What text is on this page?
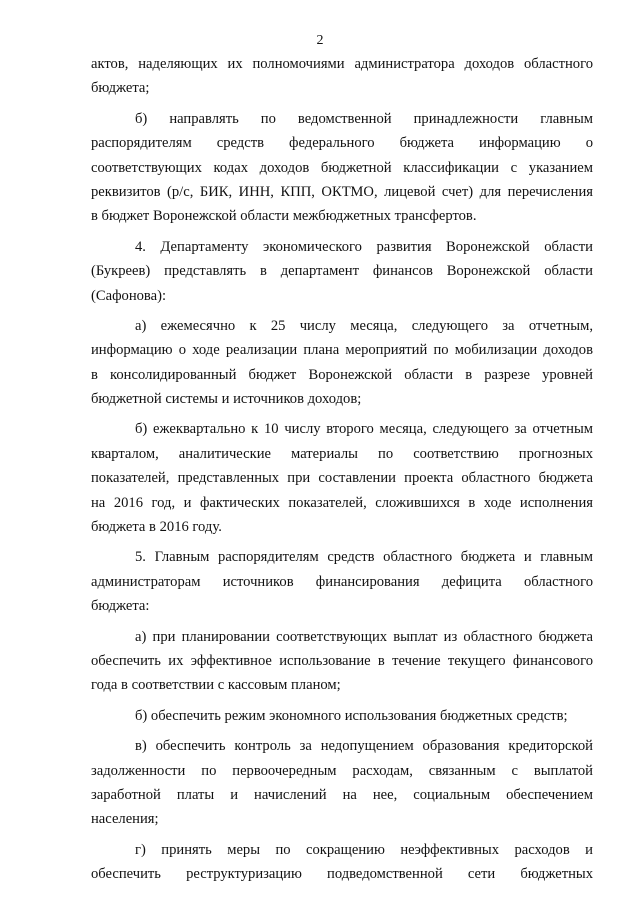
2
актов, наделяющих их полномочиями администратора доходов областного
бюджета;
б) направлять по ведомственной принадлежности главным
распорядителям средств федерального бюджета информацию о
соответствующих кодах доходов бюджетной классификации с указанием
реквизитов (р/с, БИК, ИНН, КПП, ОКТМО, лицевой счет) для перечисления
в бюджет Воронежской области межбюджетных трансфертов.
4. Департаменту экономического развития Воронежской области
(Букреев) представлять в департамент финансов Воронежской области
(Сафонова):
а) ежемесячно к 25 числу месяца, следующего за отчетным,
информацию о ходе реализации плана мероприятий по мобилизации доходов
в консолидированный бюджет Воронежской области в разрезе уровней
бюджетной системы и источников доходов;
б) ежеквартально к 10 числу второго месяца, следующего за отчетным
кварталом, аналитические материалы по соответствию прогнозных
показателей, представленных при составлении проекта областного бюджета
на 2016 год, и фактических показателей, сложившихся в ходе исполнения
бюджета в 2016 году.
5. Главным распорядителям средств областного бюджета и главным
администраторам источников финансирования дефицита областного
бюджета:
а) при планировании соответствующих выплат из областного бюджета
обеспечить их эффективное использование в течение текущего финансового
года в соответствии с кассовым планом;
б) обеспечить режим экономного использования бюджетных средств;
в) обеспечить контроль за недопущением образования кредиторской
задолженности по первоочередным расходам, связанным с выплатой
заработной платы и начислений на нее, социальным обеспечением
населения;
г) принять меры по сокращению неэффективных расходов и
обеспечить реструктуризацию подведомственной сети бюджетных
